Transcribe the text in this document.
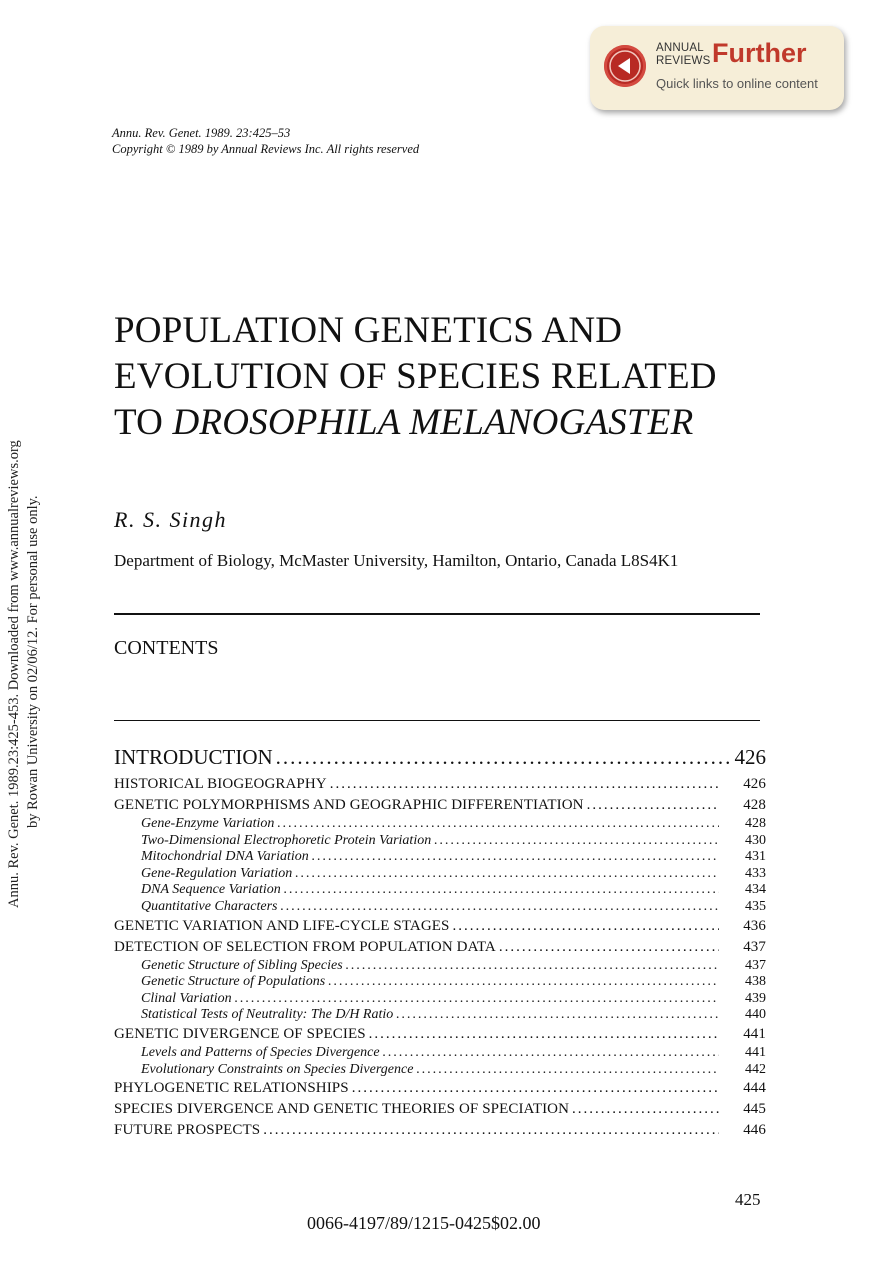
ANNUAL
REVIEWS Further
Quick links to online content
Annu. Rev. Genet. 1989.23:425-453. Downloaded from www.annualreviews.org by Rowan University on 02/06/12. For personal use only.
Annu. Rev. Genet. 1989. 23:425–53
Copyright © 1989 by Annual Reviews Inc. All rights reserved
POPULATION GENETICS AND
EVOLUTION OF SPECIES RELATED
TO DROSOPHILA MELANOGASTER
R. S. Singh
Department of Biology, McMaster University, Hamilton, Ontario, Canada L8S4K1
CONTENTS
INTRODUCTION .....	426
HISTORICAL BIOGEOGRAPHY .....	426
GENETIC POLYMORPHISMS AND GEOGRAPHIC DIFFERENTIATION .....	428
Gene-Enzyme Variation .....	428
Two-Dimensional Electrophoretic Protein Variation .....	430
Mitochondrial DNA Variation .....	431
Gene-Regulation Variation .....	433
DNA Sequence Variation .....	434
Quantitative Characters .....	435
GENETIC VARIATION AND LIFE-CYCLE STAGES .....	436
DETECTION OF SELECTION FROM POPULATION DATA .....	437
Genetic Structure of Sibling Species .....	437
Genetic Structure of Populations .....	438
Clinal Variation .....	439
Statistical Tests of Neutrality: The D/H Ratio .....	440
GENETIC DIVERGENCE OF SPECIES .....	441
Levels and Patterns of Species Divergence .....	441
Evolutionary Constraints on Species Divergence .....	442
PHYLOGENETIC RELATIONSHIPS .....	444
SPECIES DIVERGENCE AND GENETIC THEORIES OF SPECIATION .....	445
FUTURE PROSPECTS .....	446
425
0066-4197/89/1215-0425$02.00
